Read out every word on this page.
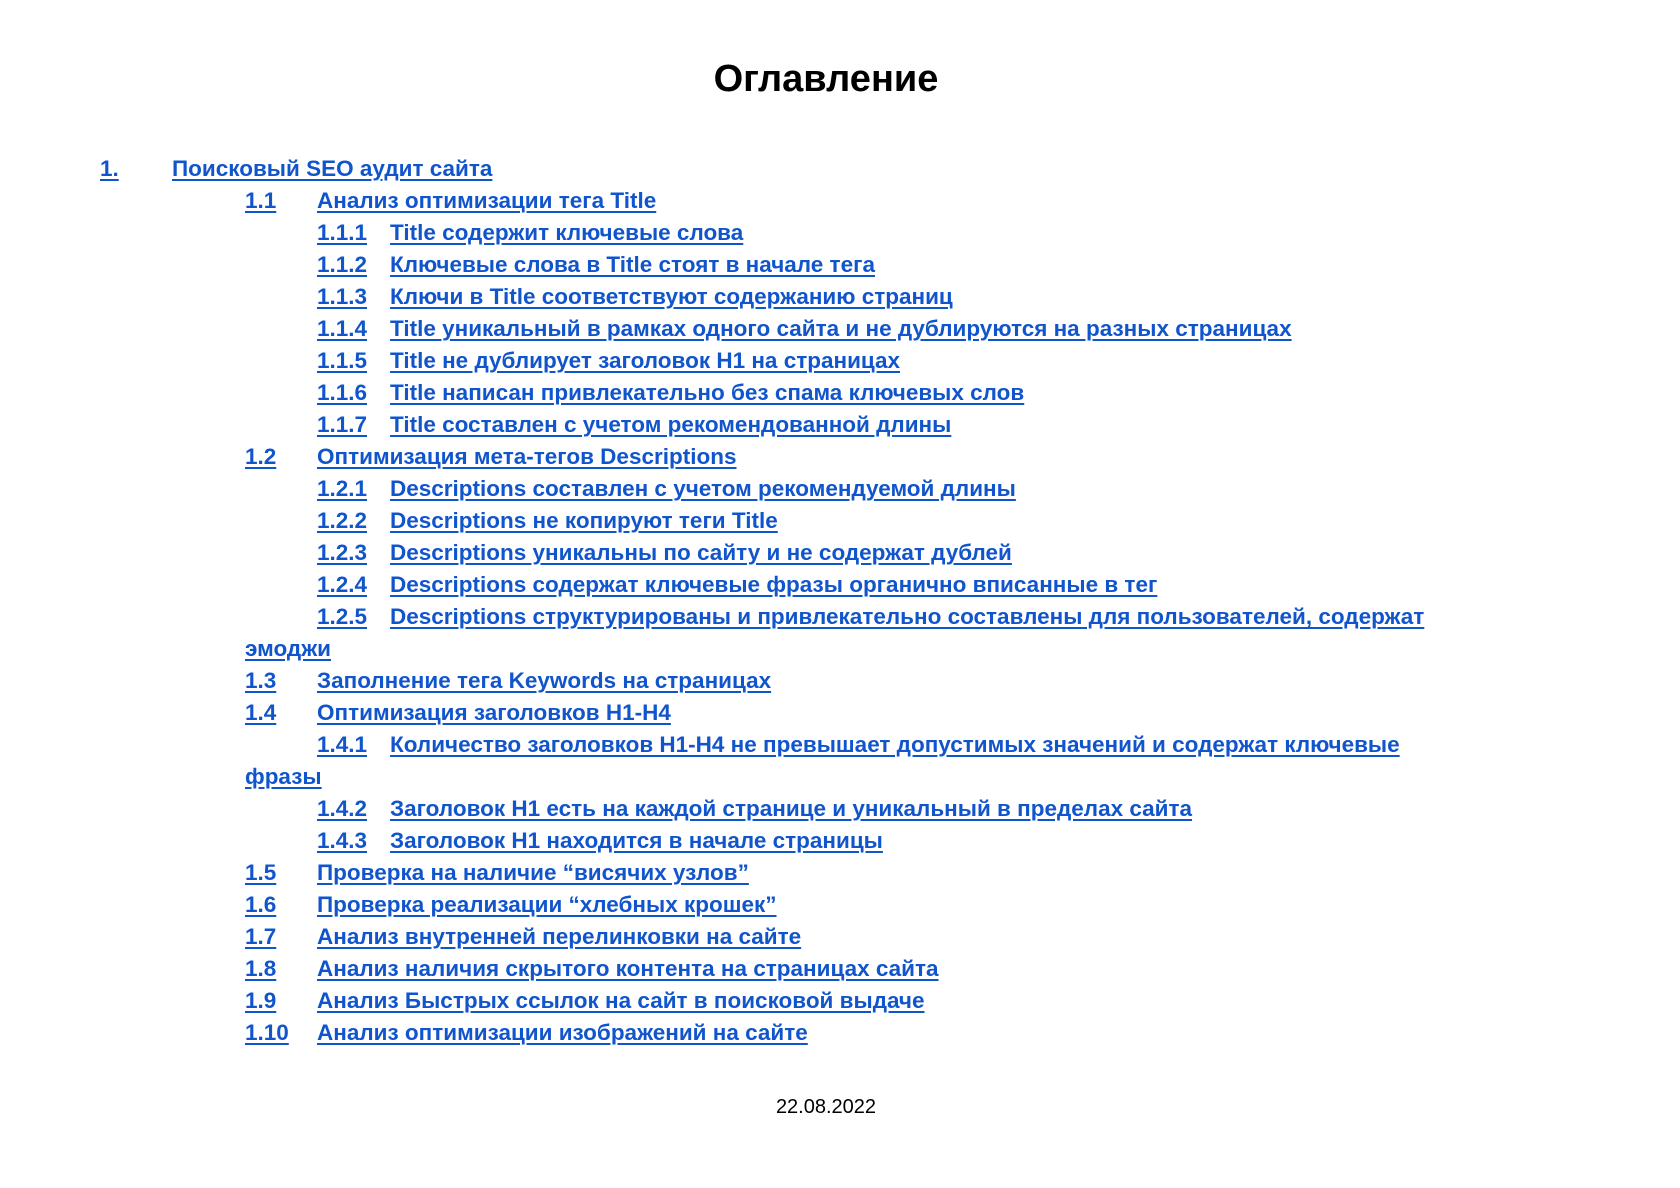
Оглавление
1. Поисковый SEO аудит сайта
1.1 Анализ оптимизации тега Title
1.1.1 Title содержит ключевые слова
1.1.2 Ключевые слова в Title стоят в начале тега
1.1.3 Ключи в Title соответствуют содержанию страниц
1.1.4 Title уникальный в рамках одного сайта и не дублируются на разных страницах
1.1.5 Title не дублирует заголовок H1 на страницах
1.1.6 Title написан привлекательно без спама ключевых слов
1.1.7 Title составлен с учетом рекомендованной длины
1.2 Оптимизация мета-тегов Descriptions
1.2.1 Descriptions составлен с учетом рекомендуемой длины
1.2.2 Descriptions не копируют теги Title
1.2.3 Descriptions уникальны по сайту и не содержат дублей
1.2.4 Descriptions содержат ключевые фразы органично вписанные в тег
1.2.5 Descriptions структурированы и привлекательно составлены для пользователей, содержат
эмоджи
1.3 Заполнение тега Keywords на страницах
1.4 Оптимизация заголовков H1-H4
1.4.1 Количество заголовков H1-H4 не превышает допустимых значений и содержат ключевые
фразы
1.4.2 Заголовок H1 есть на каждой странице и уникальный в пределах сайта
1.4.3 Заголовок H1 находится в начале страницы
1.5 Проверка на наличие “висячих узлов”
1.6 Проверка реализации “хлебных крошек”
1.7 Анализ внутренней перелинковки на сайте
1.8 Анализ наличия скрытого контента на страницах сайта
1.9 Анализ Быстрых ссылок на сайт в поисковой выдаче
1.10 Анализ оптимизации изображений на сайте
22.08.2022
